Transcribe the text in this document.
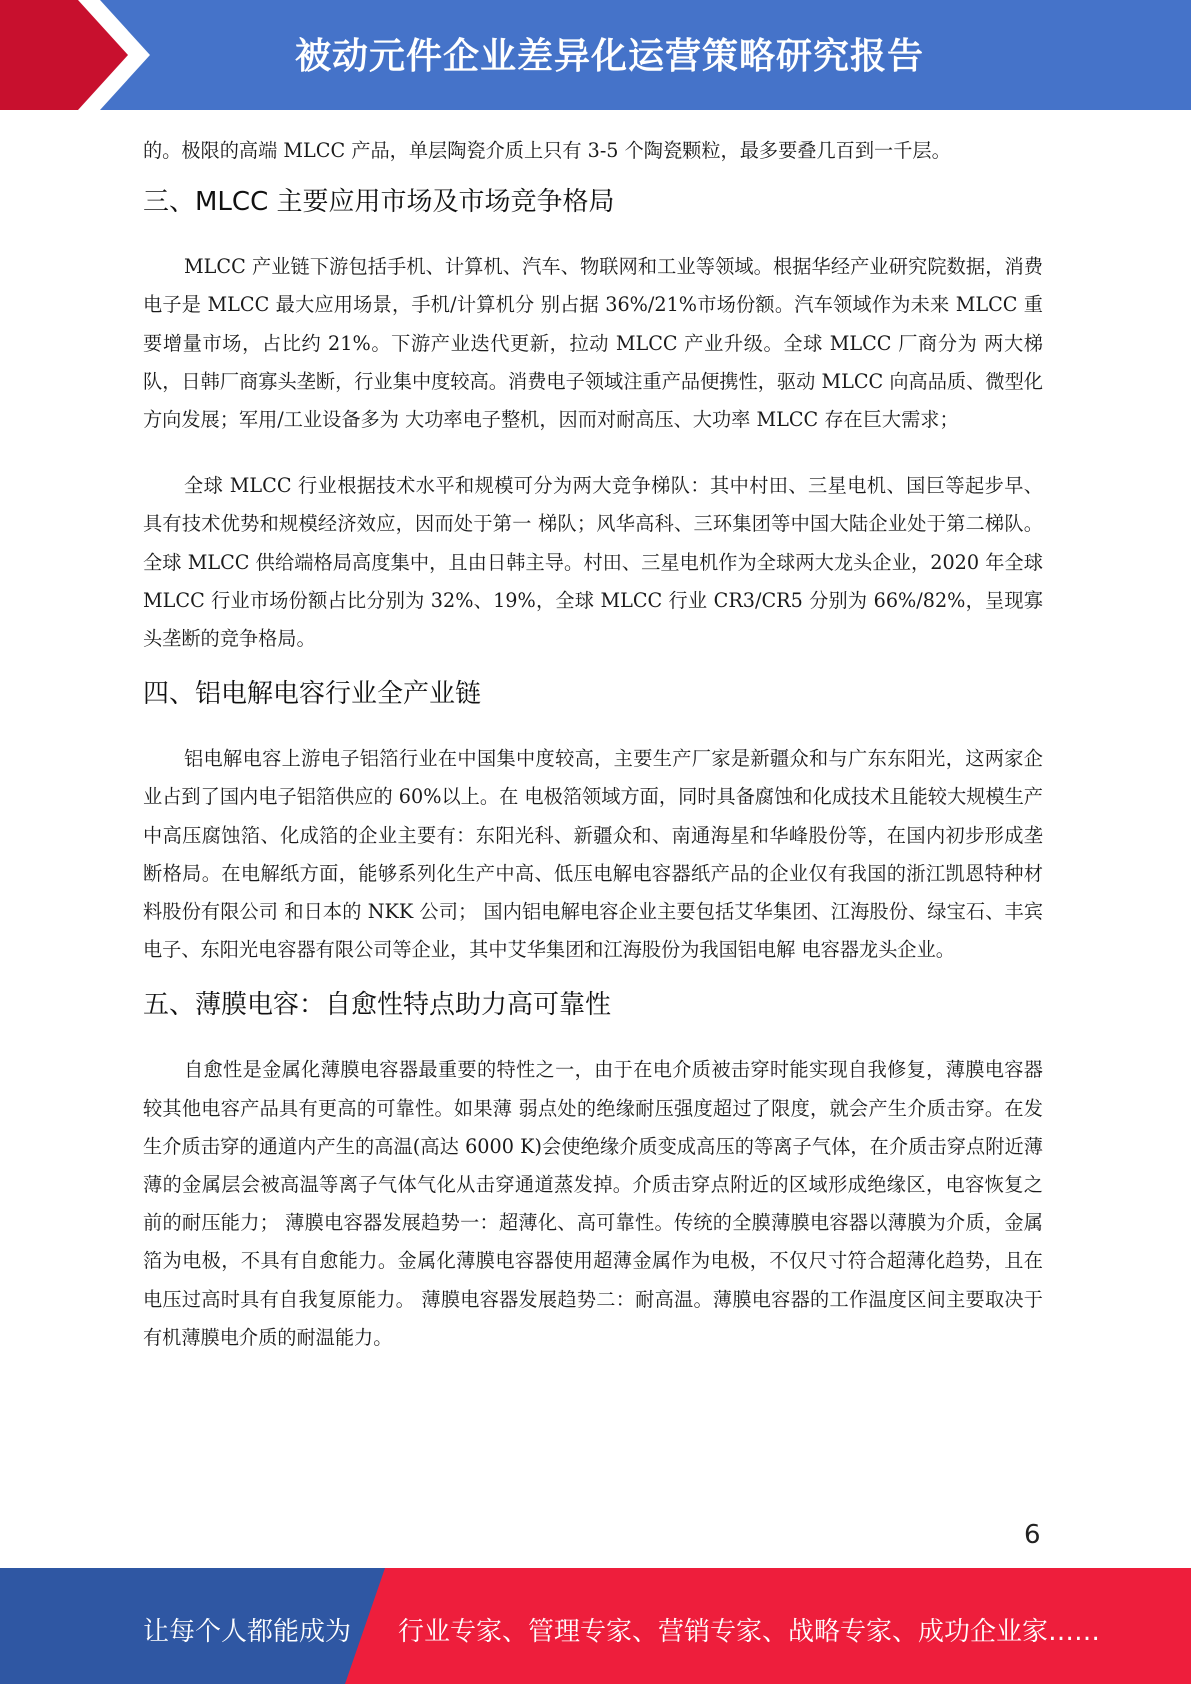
被动元件企业差异化运营策略研究报告

的。极限的高端 MLCC 产品，单层陶瓷介质上只有 3-5 个陶瓷颗粒，最多要叠几百到一千层。

三、MLCC 主要应用市场及市场竞争格局

MLCC 产业链下游包括手机、计算机、汽车、物联网和工业等领域。根据华经产业研究院数据，消费电子是 MLCC 最大应用场景，手机/计算机分 别占据 36%/21%市场份额。汽车领域作为未来 MLCC 重要增量市场，占比约 21%。下游产业迭代更新，拉动 MLCC 产业升级。全球 MLCC 厂商分为 两大梯队，日韩厂商寡头垄断，行业集中度较高。消费电子领域注重产品便携性，驱动 MLCC 向高品质、微型化方向发展；军用/工业设备多为 大功率电子整机，因而对耐高压、大功率 MLCC 存在巨大需求；

全球 MLCC 行业根据技术水平和规模可分为两大竞争梯队：其中村田、三星电机、国巨等起步早、具有技术优势和规模经济效应，因而处于第一 梯队；风华高科、三环集团等中国大陆企业处于第二梯队。全球 MLCC 供给端格局高度集中，且由日韩主导。村田、三星电机作为全球两大龙头企业，2020 年全球MLCC 行业市场份额占比分别为 32%、19%，全球 MLCC 行业 CR3/CR5 分别为 66%/82%，呈现寡头垄断的竞争格局。

四、铝电解电容行业全产业链

铝电解电容上游电子铝箔行业在中国集中度较高，主要生产厂家是新疆众和与广东东阳光，这两家企业占到了国内电子铝箔供应的 60%以上。在 电极箔领域方面，同时具备腐蚀和化成技术且能较大规模生产中高压腐蚀箔、化成箔的企业主要有：东阳光科、新疆众和、南通海星和华峰股份等，在国内初步形成垄断格局。在电解纸方面，能够系列化生产中高、低压电解电容器纸产品的企业仅有我国的浙江凯恩特种材料股份有限公司 和日本的 NKK 公司； 国内铝电解电容企业主要包括艾华集团、江海股份、绿宝石、丰宾电子、东阳光电容器有限公司等企业，其中艾华集团和江海股份为我国铝电解 电容器龙头企业。

五、薄膜电容：自愈性特点助力高可靠性

自愈性是金属化薄膜电容器最重要的特性之一，由于在电介质被击穿时能实现自我修复，薄膜电容器较其他电容产品具有更高的可靠性。如果薄 弱点处的绝缘耐压强度超过了限度，就会产生介质击穿。在发生介质击穿的通道内产生的高温(高达 6000 K)会使绝缘介质变成高压的等离子气体，在介质击穿点附近薄薄的金属层会被高温等离子气体气化从击穿通道蒸发掉。介质击穿点附近的区域形成绝缘区，电容恢复之前的耐压能力； 薄膜电容器发展趋势一：超薄化、高可靠性。传统的全膜薄膜电容器以薄膜为介质，金属箔为电极，不具有自愈能力。金属化薄膜电容器使用超薄金属作为电极，不仅尺寸符合超薄化趋势，且在电压过高时具有自我复原能力。 薄膜电容器发展趋势二：耐高温。薄膜电容器的工作温度区间主要取决于有机薄膜电介质的耐温能力。

6
让每个人都能成为 行业专家、管理专家、营销专家、战略专家、成功企业家……
